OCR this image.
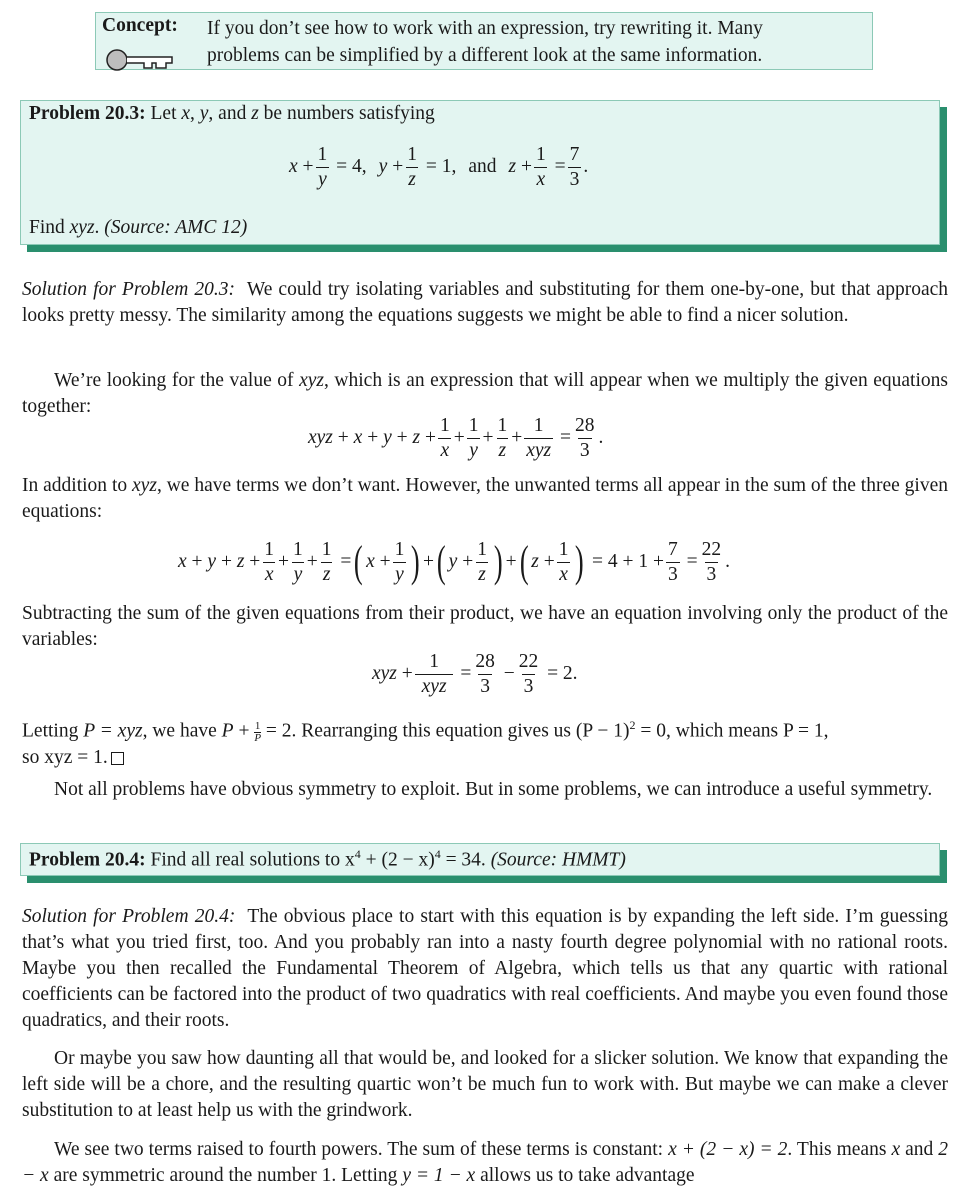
Concept: If you don’t see how to work with an expression, try rewriting it. Many
problems can be simplified by a different look at the same information.
Problem 20.3: Let x, y, and z be numbers satisfying
$x + \frac{1}{y} = 4$ , $y + \frac{1}{z} = 1$ , and $z + \frac{1}{x} = \frac{7}{3}$ .
Find xyz. (Source: AMC 12)
Solution for Problem 20.3: We could try isolating variables and substituting for them one-by-one, but that approach looks pretty messy. The similarity among the equations suggests we might be able to find a nicer solution.
We’re looking for the value of xyz, which is an expression that will appear when we multiply the given equations together:
xyz + $x + y + z + \frac{1}{x} + \frac{1}{y} + \frac{1}{z} + \frac{1}{\text{xyz}} = \frac{28}{3}$ .
In addition to xyz, we have terms we don’t want. However, the unwanted terms all appear in the sum of the three given equations:
$x + y + z + \frac{1}{x} + \frac{1}{y} + \frac{1}{z}$ = ( $x + \frac{1}{y}$ ) + ( $y + \frac{1}{z}$ ) + ( $z + \frac{1}{x}$ )
= $4 + 1 + \frac{7}{3} = \frac{22}{3}$ .
Subtracting the sum of the given equations from their product, we have an equation involving only the product of the variables:
xyz + $\frac{1}{\text{xyz}} = \frac{28}{3} - \frac{22}{3}$
= 2.
Letting P = xyz, we have $P + \frac{1}{P} = 2$. Rearranging this equation gives us $(P - 1)^2 = 0$, which means P = 1,
so xyz = 1.
Not all problems have obvious symmetry to exploit. But in some problems, we can introduce a useful symmetry.
Problem 20.4: Find all real solutions to $x^4 + (2 - x)^4 = 34$. (Source: HMMT)
Solution for Problem 20.4: The obvious place to start with this equation is by expanding the left side. I’m guessing that’s what you tried first, too. And you probably ran into a nasty fourth degree polynomial with no rational roots. Maybe you then recalled the Fundamental Theorem of Algebra, which tells us that any quartic with rational coefficients can be factored into the product of two quadratics with real coefficients. And maybe you even found those quadratics, and their roots.
Or maybe you saw how daunting all that would be, and looked for a slicker solution. We know that expanding the left side will be a chore, and the resulting quartic won’t be much fun to work with. But maybe we can make a clever substitution to at least help us with the grindwork.
We see two terms raised to fourth powers. The sum of these terms is constant: x + (2 − x) = 2. This means x and 2 − x are symmetric around the number 1. Letting y = 1 − x allows us to take advantage
